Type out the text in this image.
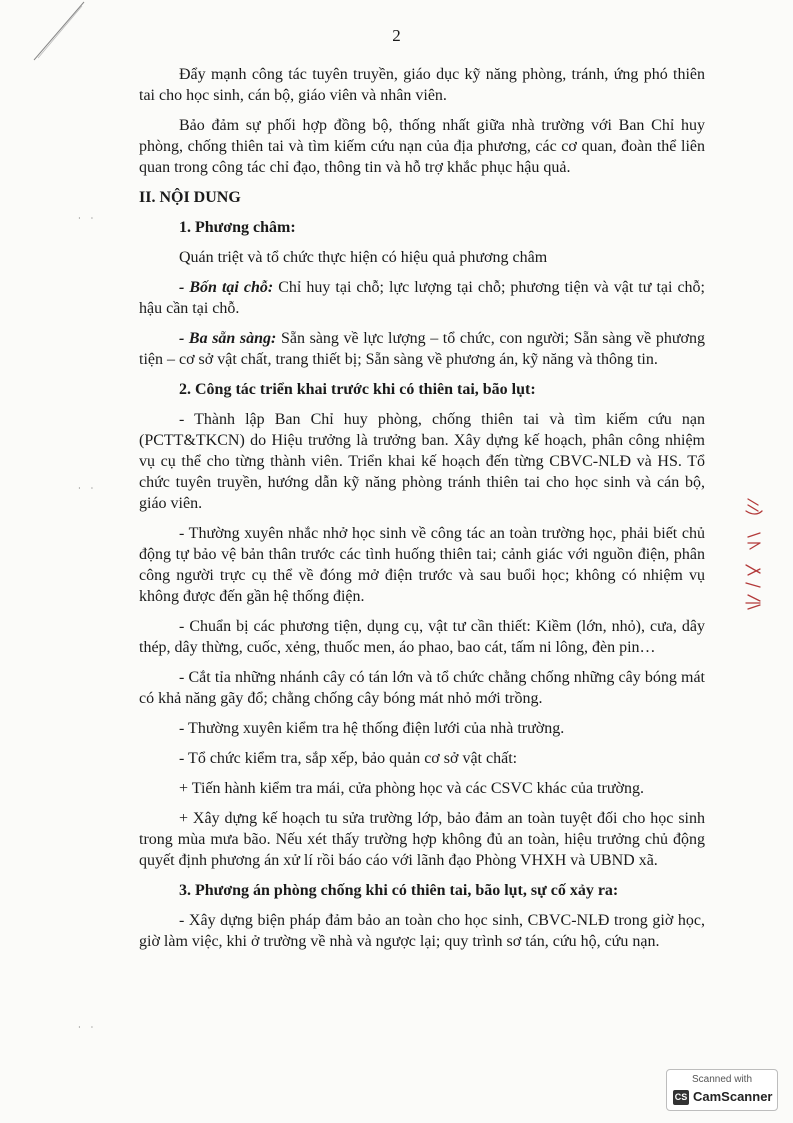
2
· ·
· ·
· ·
Đẩy mạnh công tác tuyên truyền, giáo dục kỹ năng phòng, tránh, ứng phó thiên tai cho học sinh, cán bộ, giáo viên và nhân viên.
Bảo đảm sự phối hợp đồng bộ, thống nhất giữa nhà trường với Ban Chỉ huy phòng, chống thiên tai và tìm kiếm cứu nạn của địa phương, các cơ quan, đoàn thể liên quan trong công tác chỉ đạo, thông tin và hỗ trợ khắc phục hậu quả.
II. NỘI DUNG
1. Phương châm:
Quán triệt và tổ chức thực hiện có hiệu quả phương châm
- Bốn tại chỗ: Chỉ huy tại chỗ; lực lượng tại chỗ; phương tiện và vật tư tại chỗ; hậu cần tại chỗ.
- Ba sẵn sàng: Sẵn sàng về lực lượng – tổ chức, con người; Sẵn sàng về phương tiện – cơ sở vật chất, trang thiết bị; Sẵn sàng về phương án, kỹ năng và thông tin.
2. Công tác triển khai trước khi có thiên tai, bão lụt:
- Thành lập Ban Chỉ huy phòng, chống thiên tai và tìm kiếm cứu nạn (PCTT&TKCN) do Hiệu trưởng là trưởng ban. Xây dựng kế hoạch, phân công nhiệm vụ cụ thể cho từng thành viên. Triển khai kế hoạch đến từng CBVC-NLĐ và HS. Tổ chức tuyên truyền, hướng dẫn kỹ năng phòng tránh thiên tai cho học sinh và cán bộ, giáo viên.
- Thường xuyên nhắc nhở học sinh về công tác an toàn trường học, phải biết chủ động tự bảo vệ bản thân trước các tình huống thiên tai; cảnh giác với nguồn điện, phân công người trực cụ thể về đóng mở điện trước và sau buổi học; không có nhiệm vụ không được đến gần hệ thống điện.
- Chuẩn bị các phương tiện, dụng cụ, vật tư cần thiết: Kiềm (lớn, nhỏ), cưa, dây thép, dây thừng, cuốc, xẻng, thuốc men, áo phao, bao cát, tấm ni lông, đèn pin…
- Cắt tỉa những nhánh cây có tán lớn và tổ chức chằng chống những cây bóng mát có khả năng gãy đổ; chằng chống cây bóng mát nhỏ mới trồng.
- Thường xuyên kiểm tra hệ thống điện lưới của nhà trường.
- Tổ chức kiểm tra, sắp xếp, bảo quản cơ sở vật chất:
+ Tiến hành kiểm tra mái, cửa phòng học và các CSVC khác của trường.
+ Xây dựng kế hoạch tu sửa trường lớp, bảo đảm an toàn tuyệt đối cho học sinh trong mùa mưa bão. Nếu xét thấy trường hợp không đủ an toàn, hiệu trưởng chủ động quyết định phương án xử lí rồi báo cáo với lãnh đạo Phòng VHXH và UBND xã.
3. Phương án phòng chống khi có thiên tai, bão lụt, sự cố xảy ra:
- Xây dựng biện pháp đảm bảo an toàn cho học sinh, CBVC-NLĐ trong giờ học, giờ làm việc, khi ở trường về nhà và ngược lại; quy trình sơ tán, cứu hộ, cứu nạn.
Scanned with
CS CamScanner
